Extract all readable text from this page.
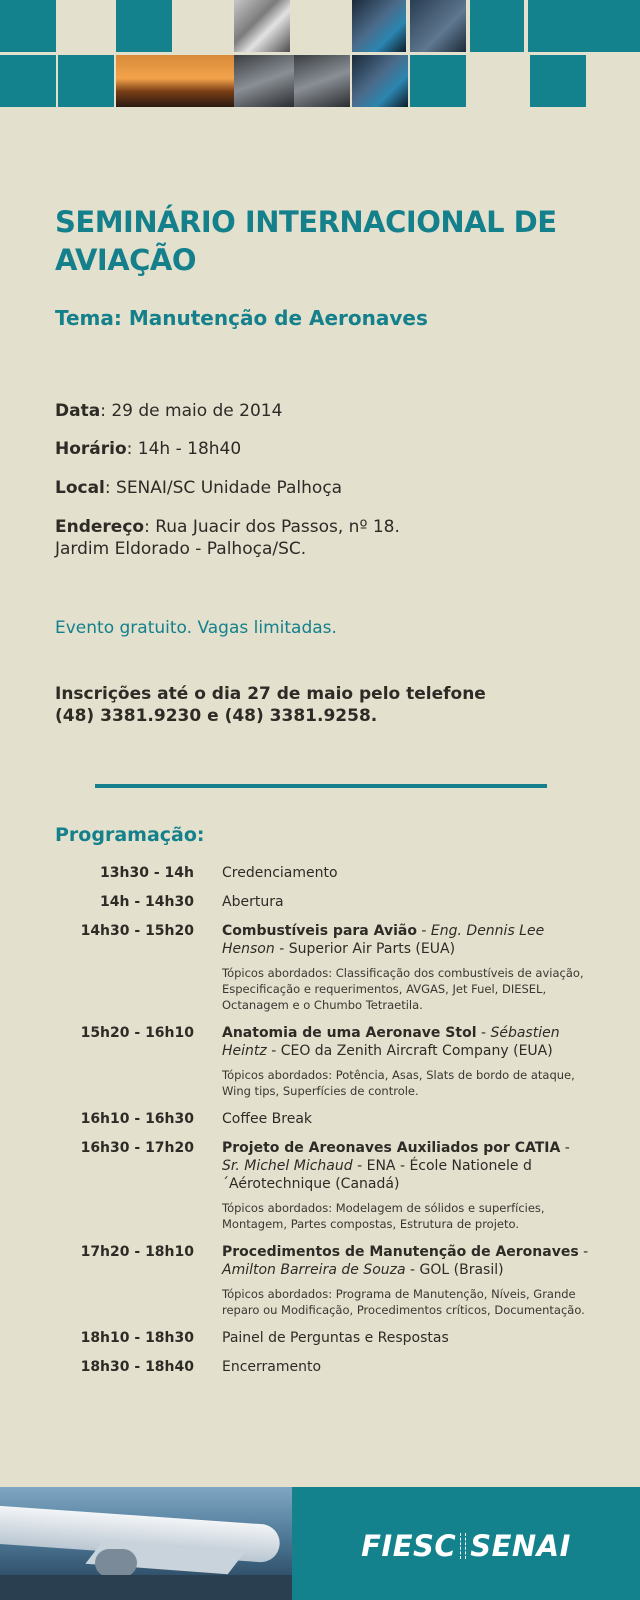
SEMINÁRIO INTERNACIONAL DE AVIAÇÃO
Tema: Manutenção de Aeronaves
Data: 29 de maio de 2014
Horário: 14h - 18h40
Local: SENAI/SC Unidade Palhoça
Endereço: Rua Juacir dos Passos, nº 18.
Jardim Eldorado - Palhoça/SC.
Evento gratuito. Vagas limitadas.
Inscrições até o dia 27 de maio pelo telefone
(48) 3381.9230 e (48) 3381.9258.
Programação:
13h30 - 14h Credenciamento
14h - 14h30 Abertura
14h30 - 15h20 Combustíveis para Avião - Eng. Dennis Lee Henson - Superior Air Parts (EUA)
Tópicos abordados: Classificação dos combustíveis de aviação, Especificação e requerimentos, AVGAS, Jet Fuel, DIESEL, Octanagem e o Chumbo Tetraetila.
15h20 - 16h10 Anatomia de uma Aeronave Stol - Sébastien Heintz - CEO da Zenith Aircraft Company (EUA)
Tópicos abordados: Potência, Asas, Slats de bordo de ataque, Wing tips, Superfícies de controle.
16h10 - 16h30 Coffee Break
16h30 - 17h20 Projeto de Areonaves Auxiliados por CATIA - Sr. Michel Michaud - ENA - École Nationele d´Aérotechnique (Canadá)
Tópicos abordados: Modelagem de sólidos e superfícies, Montagem, Partes compostas, Estrutura de projeto.
17h20 - 18h10 Procedimentos de Manutenção de Aeronaves - Amilton Barreira de Souza - GOL (Brasil)
Tópicos abordados: Programa de Manutenção, Níveis, Grande reparo ou Modificação, Procedimentos críticos, Documentação.
18h10 - 18h30 Painel de Perguntas e Respostas
18h30 - 18h40 Encerramento
FIESC SENAI
